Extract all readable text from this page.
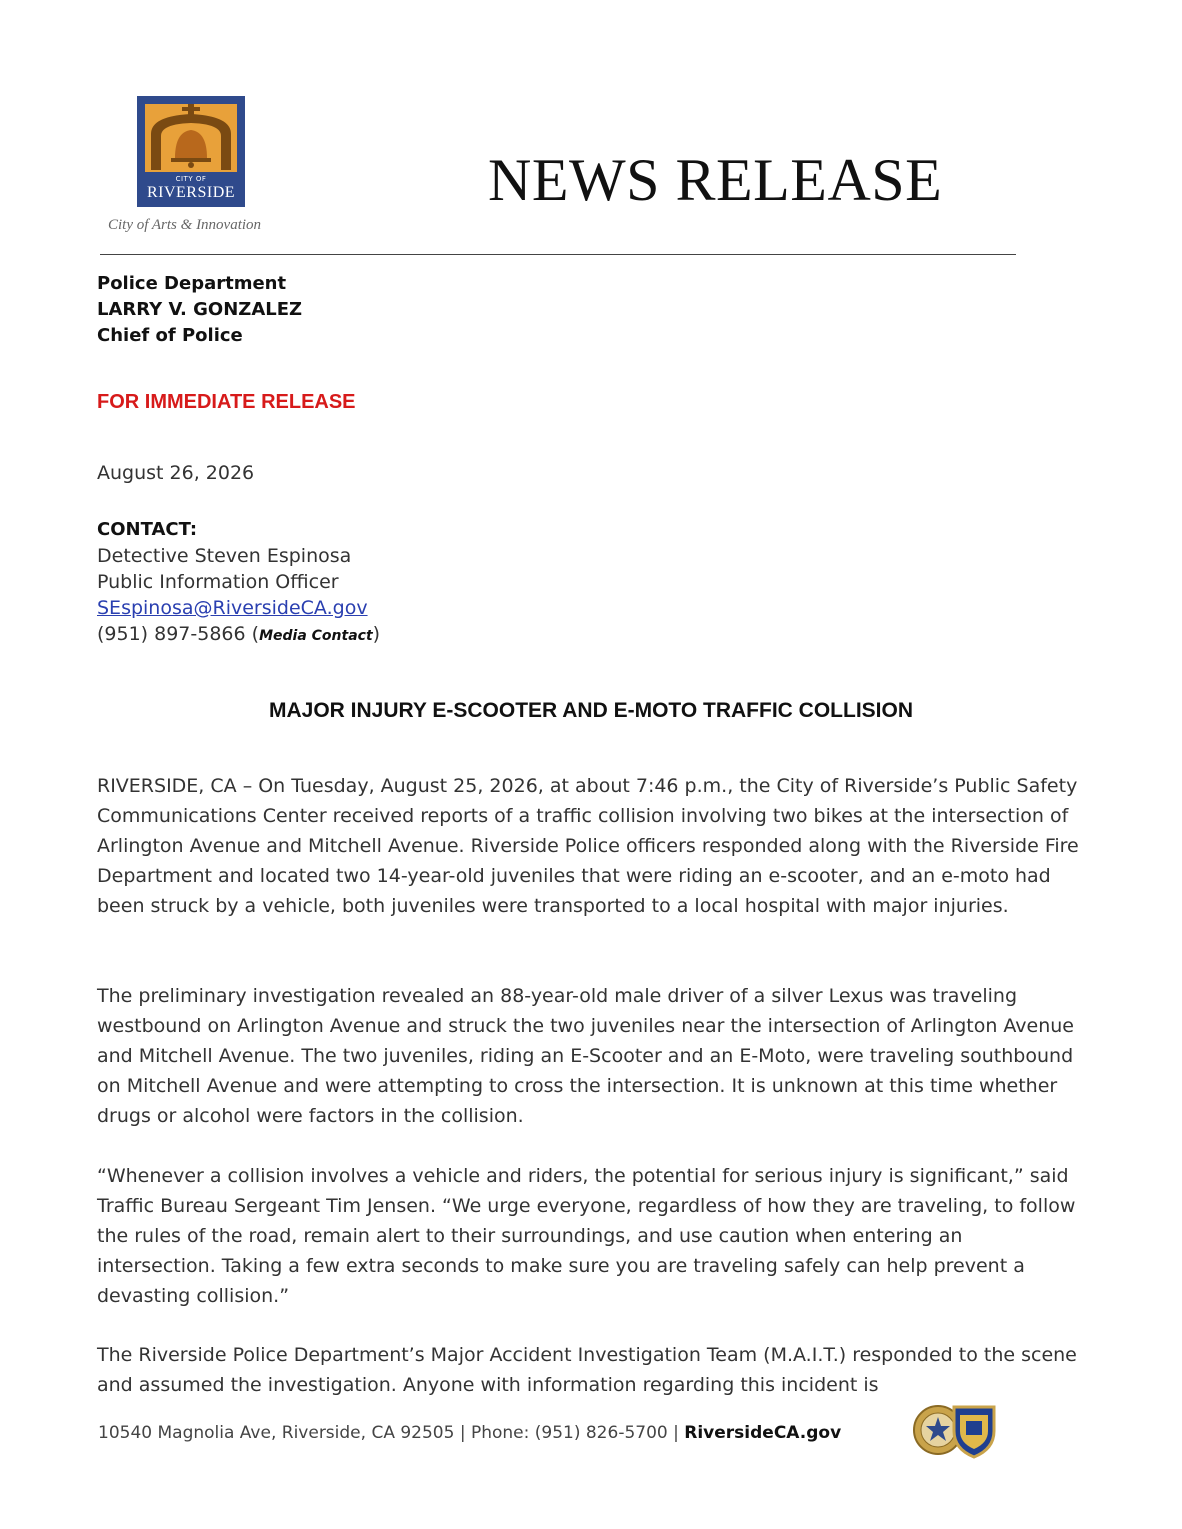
CITY OF
RIVERSIDE
City of Arts & Innovation
NEWS RELEASE
Police Department
LARRY V. GONZALEZ
Chief of Police
FOR IMMEDIATE RELEASE
August 26, 2026
CONTACT:
Detective Steven Espinosa
Public Information Officer
SEspinosa@RiversideCA.gov
(951) 897-5866 (Media Contact)
MAJOR INJURY E-SCOOTER AND E-MOTO TRAFFIC COLLISION
RIVERSIDE, CA – On Tuesday, August 25, 2026, at about 7:46 p.m., the City of Riverside’s Public Safety Communications Center received reports of a traffic collision involving two bikes at the intersection of Arlington Avenue and Mitchell Avenue. Riverside Police officers responded along with the Riverside Fire Department and located two 14-year-old juveniles that were riding an e-scooter, and an e-moto had been struck by a vehicle, both juveniles were transported to a local hospital with major injuries.
The preliminary investigation revealed an 88-year-old male driver of a silver Lexus was traveling westbound on Arlington Avenue and struck the two juveniles near the intersection of Arlington Avenue and Mitchell Avenue. The two juveniles, riding an E-Scooter and an E-Moto, were traveling southbound on Mitchell Avenue and were attempting to cross the intersection. It is unknown at this time whether drugs or alcohol were factors in the collision.
“Whenever a collision involves a vehicle and riders, the potential for serious injury is significant,” said Traffic Bureau Sergeant Tim Jensen. “We urge everyone, regardless of how they are traveling, to follow the rules of the road, remain alert to their surroundings, and use caution when entering an intersection. Taking a few extra seconds to make sure you are traveling safely can help prevent a devasting collision.”
The Riverside Police Department’s Major Accident Investigation Team (M.A.I.T.) responded to the scene and assumed the investigation. Anyone with information regarding this incident is
10540 Magnolia Ave, Riverside, CA 92505 | Phone: (951) 826-5700 | RiversideCA.gov
